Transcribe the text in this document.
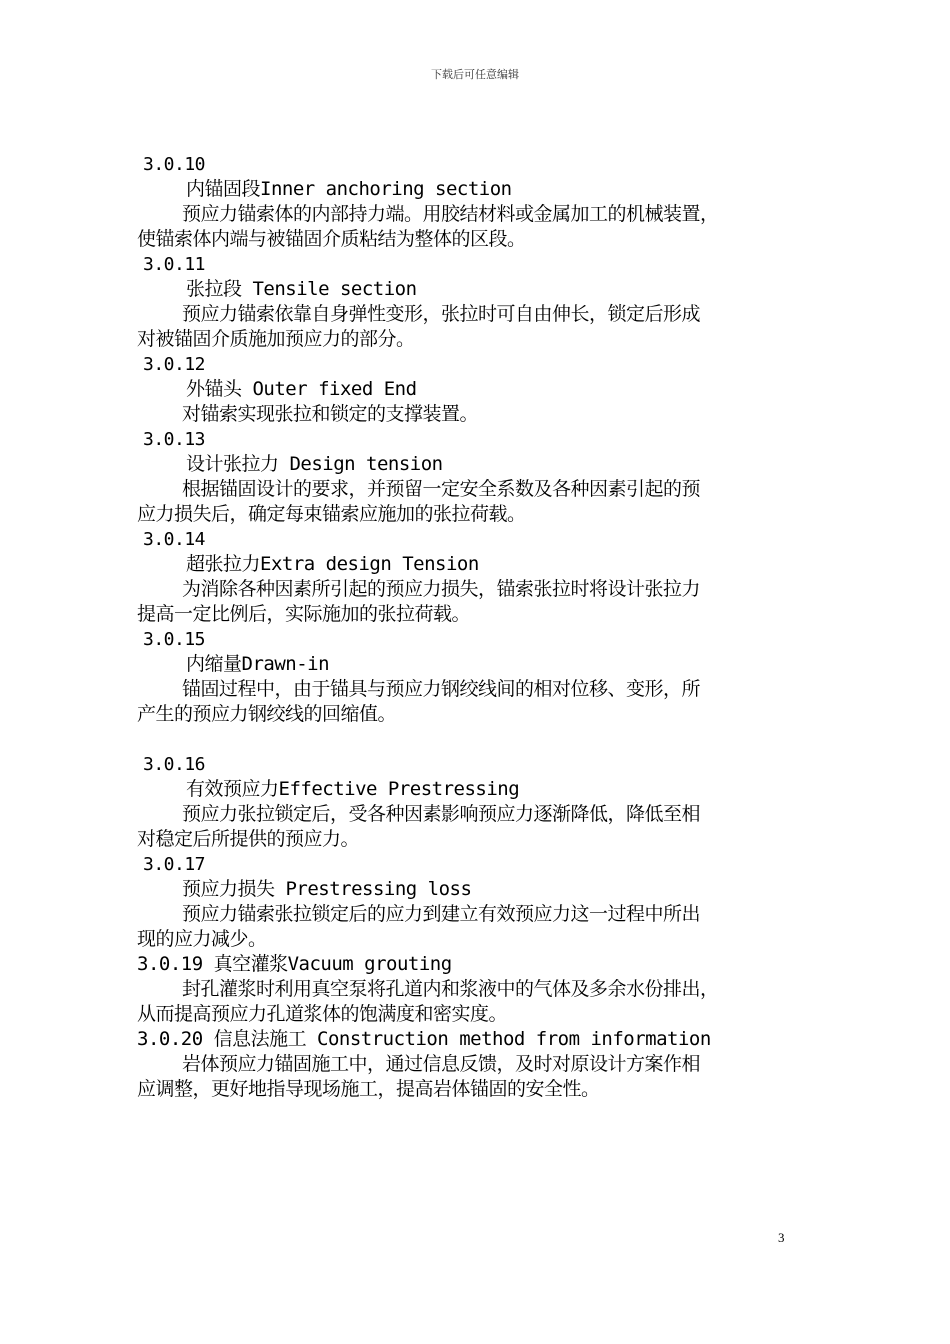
下载后可任意编辑
3.0.10
内锚固段Inner anchoring section
预应力锚索体的内部持力端。用胶结材料或金属加工的机械装置，
使锚索体内端与被锚固介质粘结为整体的区段。
3.0.11
张拉段 Tensile section
预应力锚索依靠自身弹性变形，张拉时可自由伸长，锁定后形成
对被锚固介质施加预应力的部分。
3.0.12
外锚头 Outer fixed End
对锚索实现张拉和锁定的支撑装置。
3.0.13
设计张拉力 Design tension
根据锚固设计的要求，并预留一定安全系数及各种因素引起的预
应力损失后，确定每束锚索应施加的张拉荷载。
3.0.14
超张拉力Extra design Tension
为消除各种因素所引起的预应力损失，锚索张拉时将设计张拉力
提高一定比例后，实际施加的张拉荷载。
3.0.15
内缩量Drawn-in
锚固过程中，由于锚具与预应力钢绞线间的相对位移、变形，所
产生的预应力钢绞线的回缩值。
3.0.16
有效预应力Effective Prestressing
预应力张拉锁定后，受各种因素影响预应力逐渐降低，降低至相
对稳定后所提供的预应力。
3.0.17
预应力损失 Prestressing loss
预应力锚索张拉锁定后的应力到建立有效预应力这一过程中所出
现的应力减少。
3.0.19 真空灌浆Vacuum grouting
封孔灌浆时利用真空泵将孔道内和浆液中的气体及多余水份排出，
从而提高预应力孔道浆体的饱满度和密实度。
3.0.20 信息法施工 Construction method from information
岩体预应力锚固施工中，通过信息反馈，及时对原设计方案作相
应调整，更好地指导现场施工，提高岩体锚固的安全性。
3
